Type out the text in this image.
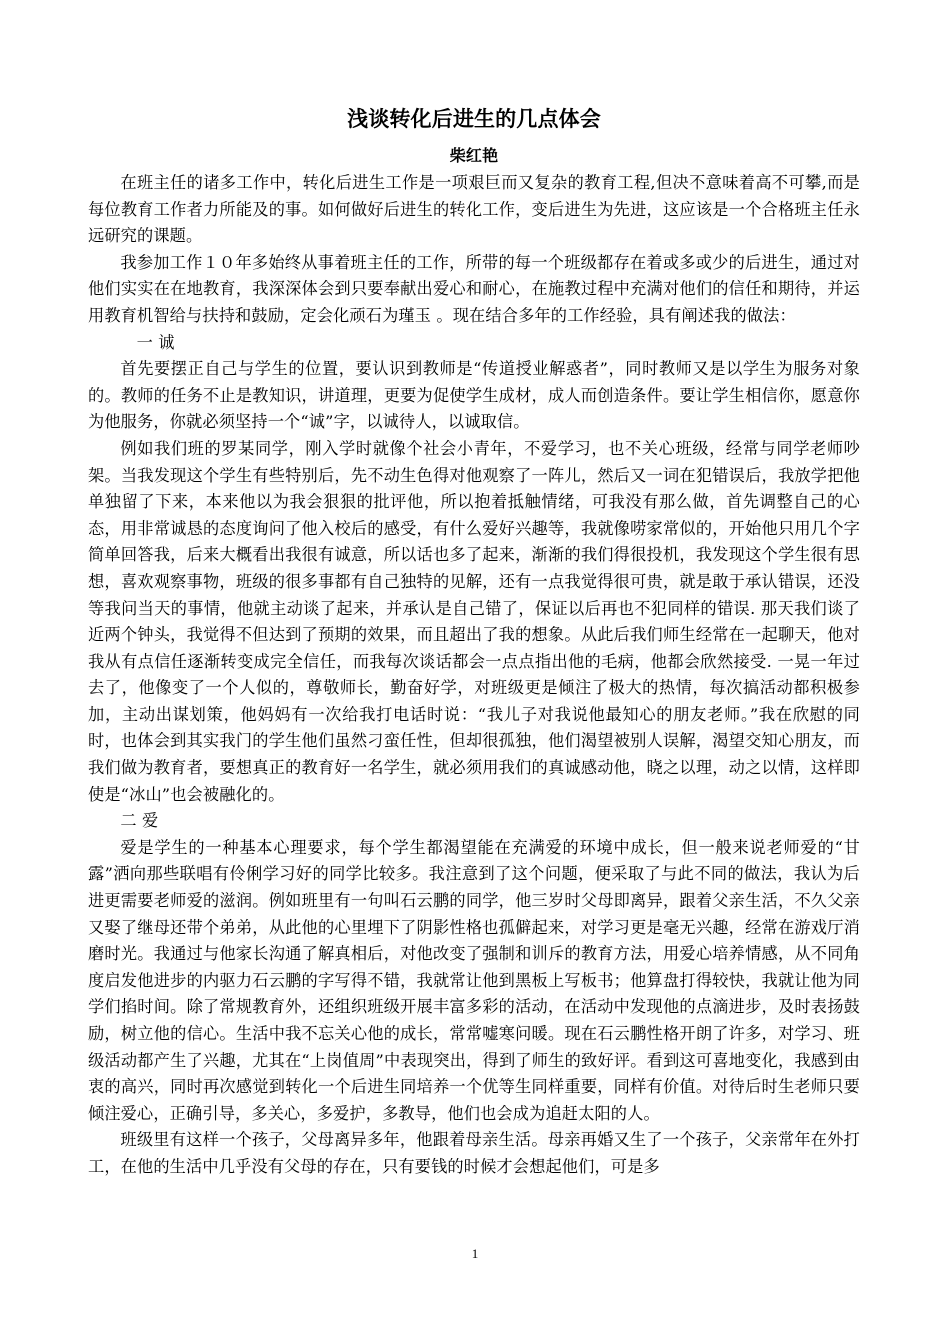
浅谈转化后进生的几点体会
柴红艳

在班主任的诸多工作中，转化后进生工作是一项艰巨而又复杂的教育工程,但决不意味着高不可攀,而是每位教育工作者力所能及的事。如何做好后进生的转化工作，变后进生为先进，这应该是一个合格班主任永远研究的课题。

我参加工作１０年多始终从事着班主任的工作，所带的每一个班级都存在着或多或少的后进生，通过对他们实实在在地教育，我深深体会到只要奉献出爱心和耐心，在施教过程中充满对他们的信任和期待，并运用教育机智给与扶持和鼓励，定会化顽石为瑾玉 。现在结合多年的工作经验，具有阐述我的做法：

一 诚

首先要摆正自己与学生的位置，要认识到教师是“传道授业解惑者”，同时教师又是以学生为服务对象的。教师的任务不止是教知识，讲道理，更要为促使学生成材，成人而创造条件。要让学生相信你，愿意你为他服务，你就必须坚持一个“诚”字，以诚待人，以诚取信。

例如我们班的罗某同学，刚入学时就像个社会小青年，不爱学习，也不关心班级，经常与同学老师吵架。当我发现这个学生有些特别后，先不动生色得对他观察了一阵儿，然后又一词在犯错误后，我放学把他单独留了下来，本来他以为我会狠狠的批评他，所以抱着抵触情绪，可我没有那么做，首先调整自己的心态，用非常诚恳的态度询问了他入校后的感受，有什么爱好兴趣等，我就像唠家常似的，开始他只用几个字简单回答我，后来大概看出我很有诚意，所以话也多了起来，渐渐的我们得很投机，我发现这个学生很有思想，喜欢观察事物，班级的很多事都有自己独特的见解，还有一点我觉得很可贵，就是敢于承认错误，还没等我问当天的事情，他就主动谈了起来，并承认是自己错了，保证以后再也不犯同样的错误. 那天我们谈了近两个钟头，我觉得不但达到了预期的效果，而且超出了我的想象。从此后我们师生经常在一起聊天，他对我从有点信任逐渐转变成完全信任，而我每次谈话都会一点点指出他的毛病，他都会欣然接受. 一晃一年过去了，他像变了一个人似的，尊敬师长，勤奋好学，对班级更是倾注了极大的热情，每次搞活动都积极参加，主动出谋划策，他妈妈有一次给我打电话时说：“我儿子对我说他最知心的朋友老师。”我在欣慰的同时，也体会到其实我门的学生他们虽然刁蛮任性，但却很孤独，他们渴望被别人误解，渴望交知心朋友，而我们做为教育者，要想真正的教育好一名学生，就必须用我们的真诚感动他，晓之以理，动之以情，这样即使是“冰山”也会被融化的。

二 爱

爱是学生的一种基本心理要求，每个学生都渴望能在充满爱的环境中成长，但一般来说老师爱的“甘露”洒向那些联唱有伶俐学习好的同学比较多。我注意到了这个问题，便采取了与此不同的做法，我认为后进更需要老师爱的滋润。例如班里有一句叫石云鹏的同学，他三岁时父母即离异，跟着父亲生活，不久父亲又娶了继母还带个弟弟，从此他的心里埋下了阴影性格也孤僻起来，对学习更是毫无兴趣，经常在游戏厅消磨时光。我通过与他家长沟通了解真相后，对他改变了强制和训斥的教育方法，用爱心培养情感，从不同角度启发他进步的内驱力石云鹏的字写得不错，我就常让他到黑板上写板书；他算盘打得较快，我就让他为同学们掐时间。除了常规教育外，还组织班级开展丰富多彩的活动，在活动中发现他的点滴进步，及时表扬鼓励，树立他的信心。生活中我不忘关心他的成长，常常嘘寒问暖。现在石云鹏性格开朗了许多，对学习、班级活动都产生了兴趣，尤其在“上岗值周”中表现突出，得到了师生的致好评。看到这可喜地变化，我感到由衷的高兴，同时再次感觉到转化一个后进生同培养一个优等生同样重要，同样有价值。对待后时生老师只要倾注爱心，正确引导，多关心，多爱护，多教导，他们也会成为追赶太阳的人。

班级里有这样一个孩子，父母离异多年，他跟着母亲生活。母亲再婚又生了一个孩子，父亲常年在外打工，在他的生活中几乎没有父母的存在，只有要钱的时候才会想起他们，可是多

1
